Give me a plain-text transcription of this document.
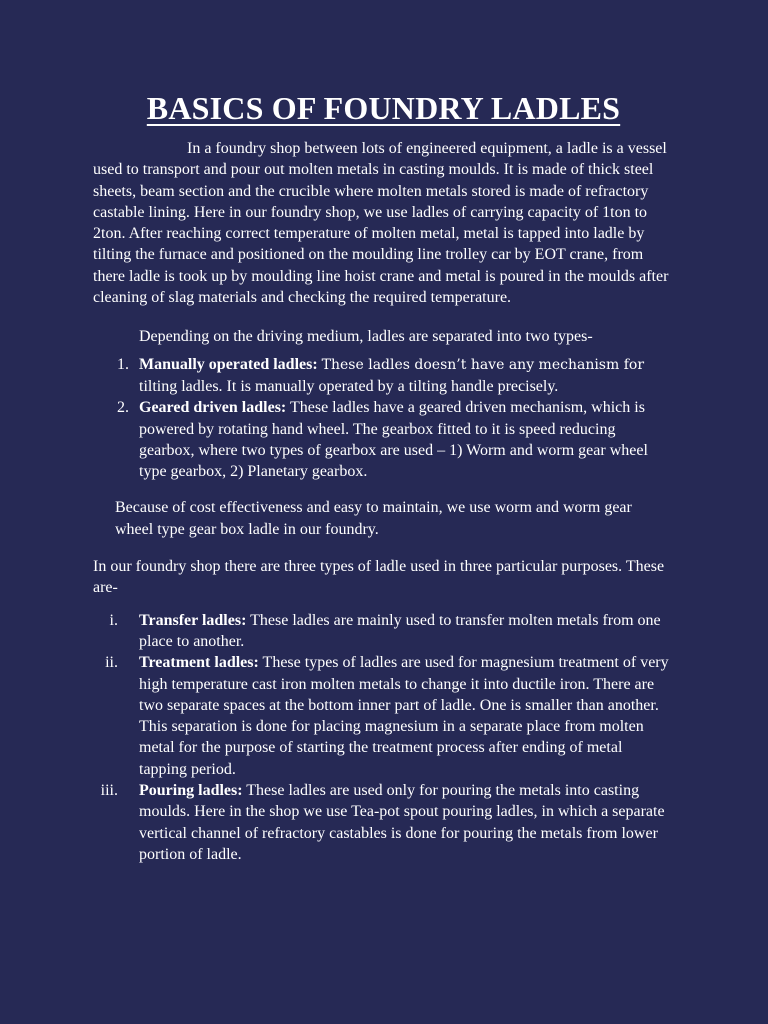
BASICS OF FOUNDRY LADLES

In a foundry shop between lots of engineered equipment, a ladle is a vessel used to transport and pour out molten metals in casting moulds. It is made of thick steel sheets, beam section and the crucible where molten metals stored is made of refractory castable lining. Here in our foundry shop, we use ladles of carrying capacity of 1ton to 2ton. After reaching correct temperature of molten metal, metal is tapped into ladle by tilting the furnace and positioned on the moulding line trolley car by EOT crane, from there ladle is took up by moulding line hoist crane and metal is poured in the moulds after cleaning of slag materials and checking the required temperature.

Depending on the driving medium, ladles are separated into two types-

1. Manually operated ladles: These ladles doesn’t have any mechanism for tilting ladles. It is manually operated by a tilting handle precisely.
2. Geared driven ladles: These ladles have a geared driven mechanism, which is powered by rotating hand wheel. The gearbox fitted to it is speed reducing gearbox, where two types of gearbox are used – 1) Worm and worm gear wheel type gearbox, 2) Planetary gearbox.

Because of cost effectiveness and easy to maintain, we use worm and worm gear wheel type gear box ladle in our foundry.

In our foundry shop there are three types of ladle used in three particular purposes. These are-

i. Transfer ladles: These ladles are mainly used to transfer molten metals from one place to another.
ii. Treatment ladles: These types of ladles are used for magnesium treatment of very high temperature cast iron molten metals to change it into ductile iron. There are two separate spaces at the bottom inner part of ladle. One is smaller than another. This separation is done for placing magnesium in a separate place from molten metal for the purpose of starting the treatment process after ending of metal tapping period.
iii. Pouring ladles: These ladles are used only for pouring the metals into casting moulds. Here in the shop we use Tea-pot spout pouring ladles, in which a separate vertical channel of refractory castables is done for pouring the metals from lower portion of ladle.
